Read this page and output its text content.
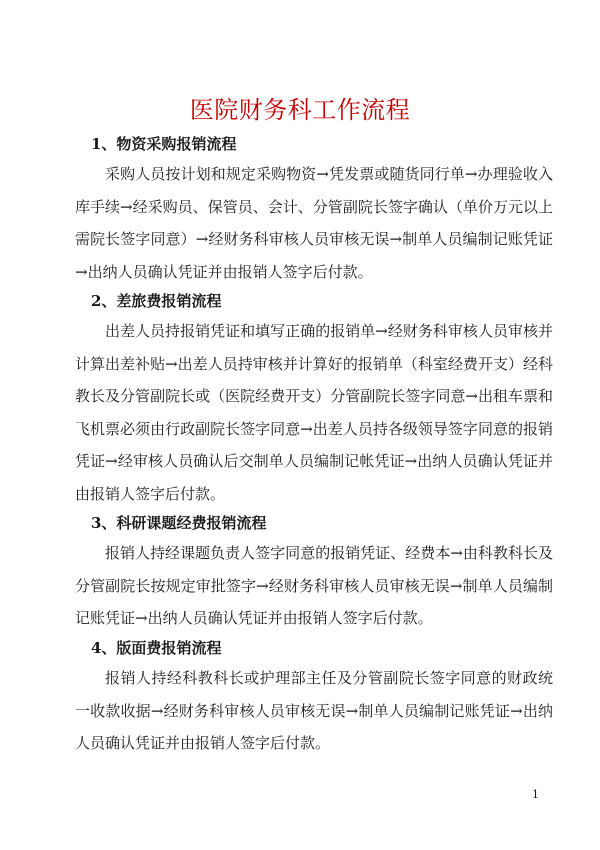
医院财务科工作流程
1、物资采购报销流程
采购人员按计划和规定采购物资→凭发票或随货同行单→办理验收入库手续→经采购员、保管员、会计、分管副院长签字确认（单价万元以上需院长签字同意）→经财务科审核人员审核无误→制单人员编制记账凭证→出纳人员确认凭证并由报销人签字后付款。
2、差旅费报销流程
出差人员持报销凭证和填写正确的报销单→经财务科审核人员审核并计算出差补贴→出差人员持审核并计算好的报销单（科室经费开支）经科教长及分管副院长或（医院经费开支）分管副院长签字同意→出租车票和飞机票必须由行政副院长签字同意→出差人员持各级领导签字同意的报销凭证→经审核人员确认后交制单人员编制记帐凭证→出纳人员确认凭证并由报销人签字后付款。
3、科研课题经费报销流程
报销人持经课题负责人签字同意的报销凭证、经费本→由科教科长及分管副院长按规定审批签字→经财务科审核人员审核无误→制单人员编制记账凭证→出纳人员确认凭证并由报销人签字后付款。
4、版面费报销流程
报销人持经科教科长或护理部主任及分管副院长签字同意的财政统一收款收据→经财务科审核人员审核无误→制单人员编制记账凭证→出纳人员确认凭证并由报销人签字后付款。
1
